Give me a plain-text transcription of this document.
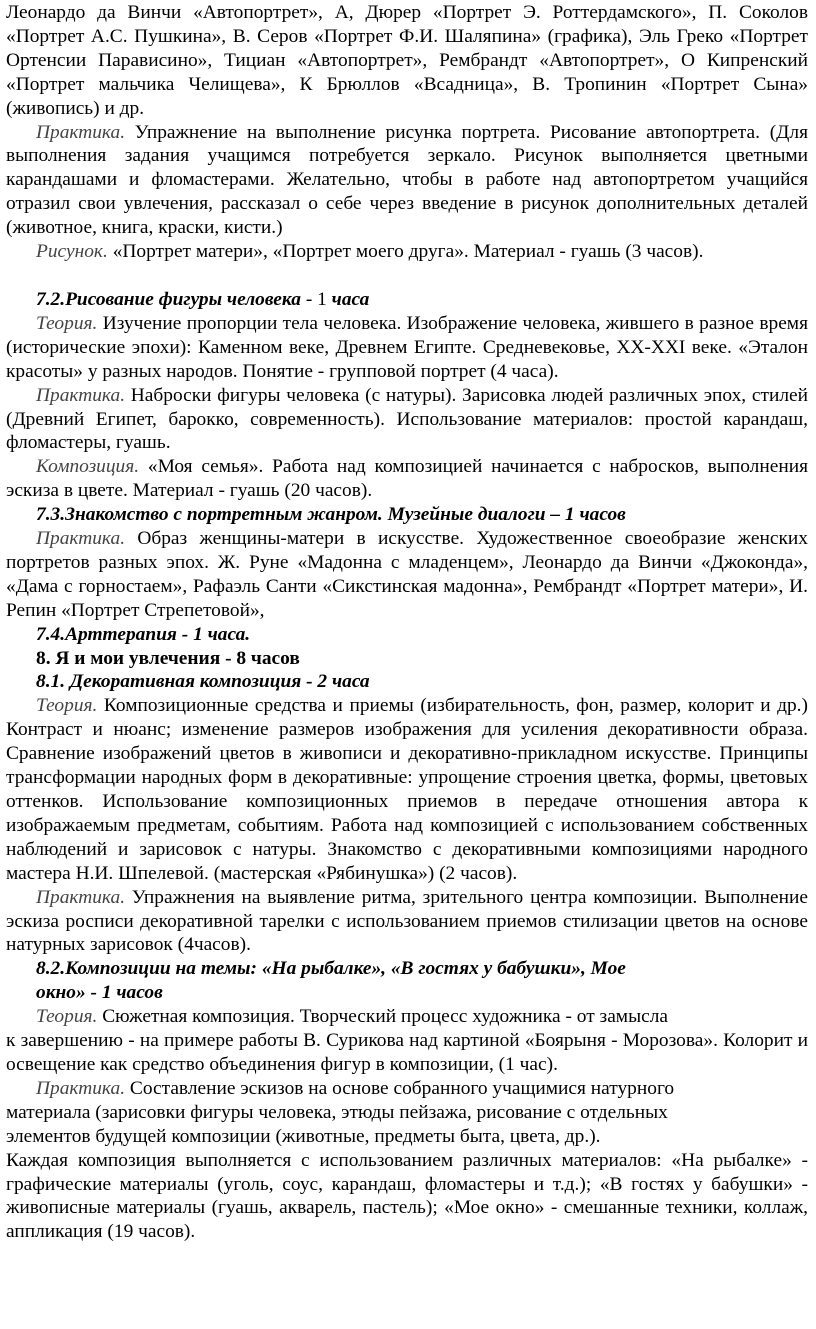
Леонардо да Винчи «Автопортрет», А, Дюрер «Портрет Э. Роттердамского», П. Соколов «Портрет А.С. Пушкина», В. Серов «Портрет Ф.И. Шаляпина» (графика), Эль Греко «Портрет Ортенсии Парависино», Тициан «Автопортрет», Рембрандт «Автопортрет», О Кипренский «Портрет мальчика Челищева», К Брюллов «Всадница», В. Тропинин «Портрет Сына» (живопись) и др.

Практика. Упражнение на выполнение рисунка портрета. Рисование автопортрета. (Для выполнения задания учащимся потребуется зеркало. Рисунок выполняется цветными карандашами и фломастерами. Желательно, чтобы в работе над автопортретом учащийся отразил свои увлечения, рассказал о себе через введение в рисунок дополнительных деталей (животное, книга, краски, кисти.)

Рисунок. «Портрет матери», «Портрет моего друга». Материал - гуашь (3 часов).

7.2.Рисование фигуры человека - 1 часа

Теория. Изучение пропорции тела человека. Изображение человека, жившего в разное время (исторические эпохи): Каменном веке, Древнем Египте. Средневековье, XX-XXI веке. «Эталон красоты» у разных народов. Понятие - групповой портрет (4 часа).

Практика. Наброски фигуры человека (с натуры). Зарисовка людей различных эпох, стилей (Древний Египет, барокко, современность). Использование материалов: простой карандаш, фломастеры, гуашь.

Композиция. «Моя семья». Работа над композицией начинается с набросков, выполнения эскиза в цвете. Материал - гуашь (20 часов).

7.3.Знакомство с портретным жанром. Музейные диалоги – 1 часов

Практика. Образ женщины-матери в искусстве. Художественное своеобразие женских портретов разных эпох. Ж. Руне «Мадонна с младенцем», Леонардо да Винчи «Джоконда», «Дама с горностаем», Рафаэль Санти «Сикстинская мадонна», Рембрандт «Портрет матери», И. Репин «Портрет Стрепетовой»,

7.4.Арттерапия - 1 часа.

8. Я и мои увлечения - 8 часов

8.1. Декоративная композиция - 2 часа

Теория. Композиционные средства и приемы (избирательность, фон, размер, колорит и др.) Контраст и нюанс; изменение размеров изображения для усиления декоративности образа. Сравнение изображений цветов в живописи и декоративно-прикладном искусстве. Принципы трансформации народных форм в декоративные: упрощение строения цветка, формы, цветовых оттенков. Использование композиционных приемов в передаче отношения автора к изображаемым предметам, событиям. Работа над композицией с использованием собственных наблюдений и зарисовок с натуры. Знакомство с декоративными композициями народного мастера Н.И. Шпелевой. (мастерская «Рябинушка») (2 часов).

Практика. Упражнения на выявление ритма, зрительного центра композиции. Выполнение эскиза росписи декоративной тарелки с использованием приемов стилизации цветов на основе натурных зарисовок (4часов).

8.2.Композиции на темы: «На рыбалке», «В гостях у бабушки», Мое

окно» - 1 часов

Теория. Сюжетная композиция. Творческий процесс художника - от замысла

к завершению - на примере работы В. Сурикова над картиной «Боярыня - Морозова». Колорит и освещение как средство объединения фигур в композиции, (1 час).

Практика. Составление эскизов на основе собранного учащимися натурного

материала (зарисовки фигуры человека, этюды пейзажа, рисование с отдельных

элементов будущей композиции (животные, предметы быта, цвета, др.).

Каждая композиция выполняется с использованием различных материалов: «На рыбалке» - графические материалы (уголь, соус, карандаш, фломастеры и т.д.); «В гостях у бабушки» - живописные материалы (гуашь, акварель, пастель); «Мое окно» - смешанные техники, коллаж, аппликация (19 часов).
